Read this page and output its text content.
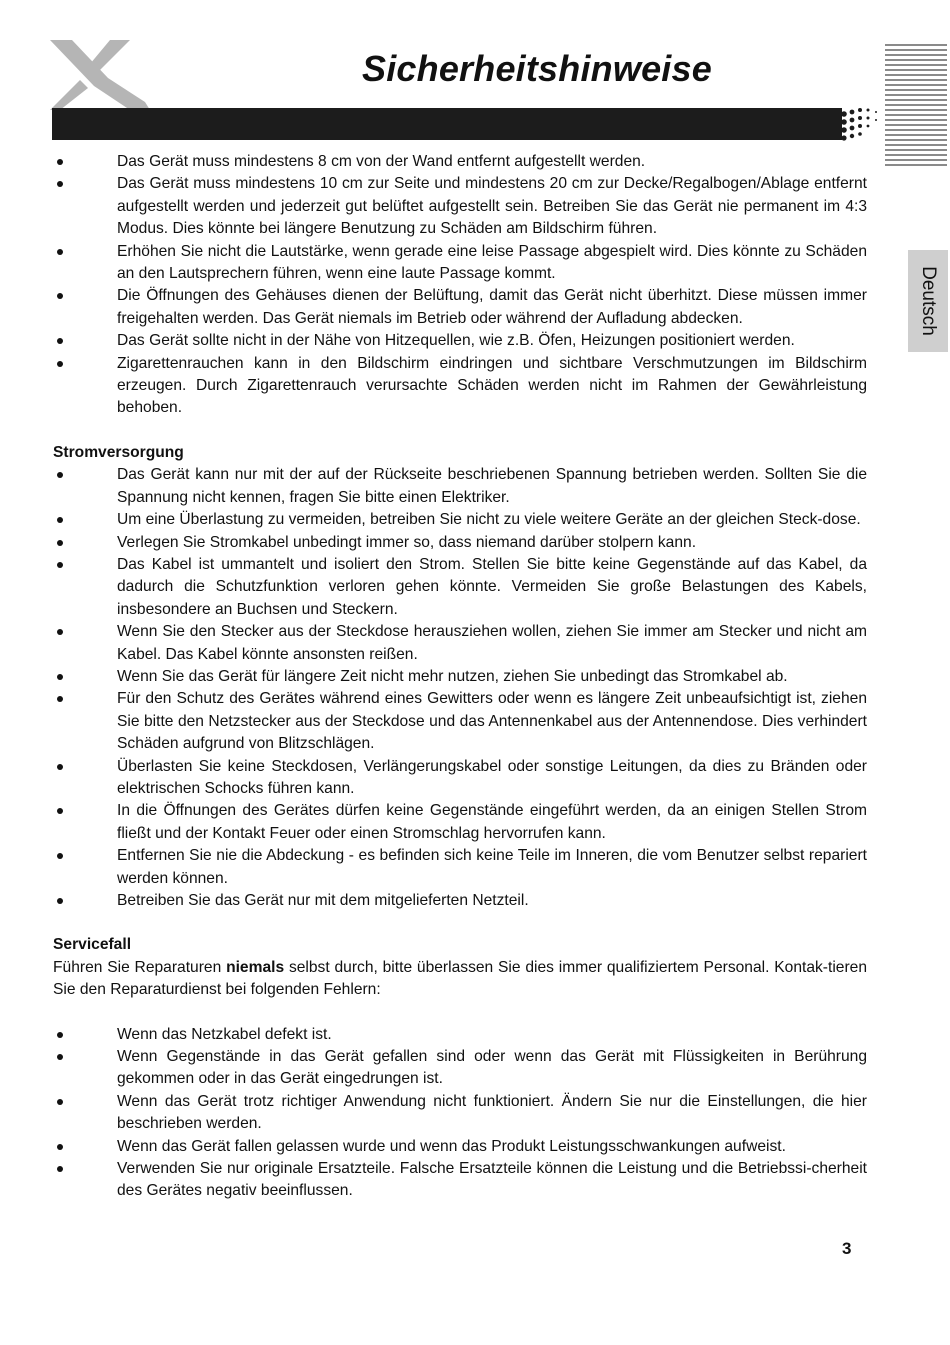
Sicherheitshinweise
Deutsch
Das Gerät muss mindestens 8 cm von der Wand entfernt aufgestellt werden.
Das Gerät muss mindestens 10 cm zur Seite und mindestens 20 cm zur Decke/Regalbogen/Ablage entfernt aufgestellt werden und jederzeit gut belüftet aufgestellt sein. Betreiben Sie das Gerät nie permanent im 4:3 Modus. Dies könnte bei längere Benutzung zu Schäden am Bildschirm führen.
Erhöhen Sie nicht die Lautstärke, wenn gerade eine leise Passage abgespielt wird. Dies könnte zu Schäden an den Lautsprechern führen, wenn eine laute Passage kommt.
Die Öffnungen des Gehäuses dienen der Belüftung, damit das Gerät nicht überhitzt. Diese müssen immer freigehalten werden. Das Gerät niemals im Betrieb oder während der Aufladung abdecken.
Das Gerät sollte nicht in der Nähe von Hitzequellen, wie z.B. Öfen, Heizungen positioniert werden.
Zigarettenrauchen kann in den Bildschirm eindringen und sichtbare Verschmutzungen im Bildschirm erzeugen. Durch Zigarettenrauch verursachte Schäden werden nicht im Rahmen der Gewährleistung behoben.
Stromversorgung
Das Gerät kann nur mit der auf der Rückseite beschriebenen Spannung betrieben werden. Sollten Sie die Spannung nicht kennen, fragen Sie bitte einen Elektriker.
Um eine Überlastung zu vermeiden, betreiben Sie nicht zu viele weitere Geräte an der gleichen Steck-dose.
Verlegen Sie Stromkabel unbedingt immer so, dass niemand darüber stolpern kann.
Das Kabel ist ummantelt und isoliert den Strom. Stellen Sie bitte keine Gegenstände auf das Kabel, da dadurch die Schutzfunktion verloren gehen könnte. Vermeiden Sie große Belastungen des Kabels, insbesondere an Buchsen und Steckern.
Wenn Sie den Stecker aus der Steckdose herausziehen wollen, ziehen Sie immer am Stecker und nicht am Kabel. Das Kabel könnte ansonsten reißen.
Wenn Sie das Gerät für längere Zeit nicht mehr nutzen, ziehen Sie unbedingt das Stromkabel ab.
Für den Schutz des Gerätes während eines Gewitters oder wenn es längere Zeit unbeaufsichtigt ist, ziehen Sie bitte den Netzstecker aus der Steckdose und das Antennenkabel aus der Antennendose. Dies verhindert Schäden aufgrund von Blitzschlägen.
Überlasten Sie keine Steckdosen, Verlängerungskabel oder sonstige Leitungen, da dies zu Bränden oder elektrischen Schocks führen kann.
In die Öffnungen des Gerätes dürfen keine Gegenstände eingeführt werden, da an einigen Stellen Strom fließt und der Kontakt Feuer oder einen Stromschlag hervorrufen kann.
Entfernen Sie nie die Abdeckung - es befinden sich keine Teile im Inneren, die vom Benutzer selbst repariert werden können.
Betreiben Sie das Gerät nur mit dem mitgelieferten Netzteil.
Servicefall
Führen Sie Reparaturen niemals selbst durch, bitte überlassen Sie dies immer qualifiziertem Personal. Kontak-tieren Sie den Reparaturdienst bei folgenden Fehlern:
Wenn das Netzkabel defekt ist.
Wenn Gegenstände in das Gerät gefallen sind oder wenn das Gerät mit Flüssigkeiten in Berührung gekommen oder in das Gerät eingedrungen ist.
Wenn das Gerät trotz richtiger Anwendung nicht funktioniert. Ändern Sie nur die Einstellungen, die hier beschrieben werden.
Wenn das Gerät fallen gelassen wurde und wenn das Produkt Leistungsschwankungen aufweist.
Verwenden Sie nur originale Ersatzteile. Falsche Ersatzteile können die Leistung und die Betriebssi-cherheit des Gerätes negativ beeinflussen.
3
